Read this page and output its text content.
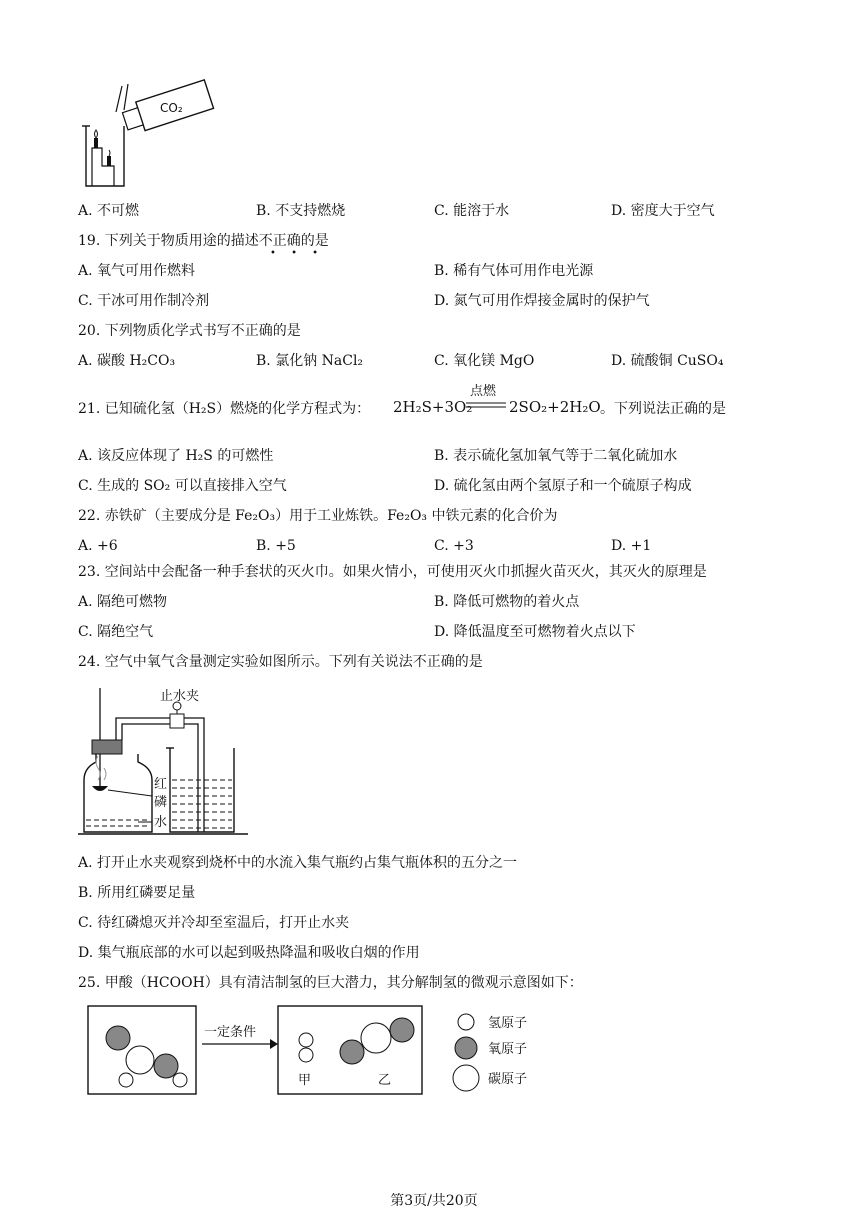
CO₂
A. 不可燃	B. 不支持燃烧	C. 能溶于水	D. 密度大于空气
19. 下列关于物质用途的描述不正确的是
• • •
A. 氧气可用作燃料	B. 稀有气体可用作电光源
C. 干冰可用作制冷剂	D. 氮气可用作焊接金属时的保护气
20. 下列物质化学式书写不正确的是
A. 碳酸 H₂CO₃	B. 氯化钠 NaCl₂	C. 氧化镁 MgO	D. 硫酸铜 CuSO₄
21. 已知硫化氢（H₂S）燃烧的化学方程式为： 2H₂S+3O₂
点燃
2SO₂+2H₂O 。下列说法正确的是
A. 该反应体现了 H₂S 的可燃性	B. 表示硫化氢加氧气等于二氧化硫加水
C. 生成的 SO₂ 可以直接排入空气	D. 硫化氢由两个氢原子和一个硫原子构成
22. 赤铁矿（主要成分是 Fe₂O₃）用于工业炼铁。Fe₂O₃ 中铁元素的化合价为
A. +6	B. +5	C. +3	D. +1
23. 空间站中会配备一种手套状的灭火巾。如果火情小，可使用灭火巾抓握火苗灭火，其灭火的原理是
A. 隔绝可燃物	B. 降低可燃物的着火点
C. 隔绝空气	D. 降低温度至可燃物着火点以下
24. 空气中氧气含量测定实验如图所示。下列有关说法不正确的是
止水夹
红
磷
水
A. 打开止水夹观察到烧杯中的水流入集气瓶约占集气瓶体积的五分之一
B. 所用红磷要足量
C. 待红磷熄灭并冷却至室温后，打开止水夹
D. 集气瓶底部的水可以起到吸热降温和吸收白烟的作用
25. 甲酸（HCOOH）具有清洁制氢的巨大潜力，其分解制氢的微观示意图如下：
一定条件
甲	乙
氢原子
氧原子
碳原子
第3页/共20页
